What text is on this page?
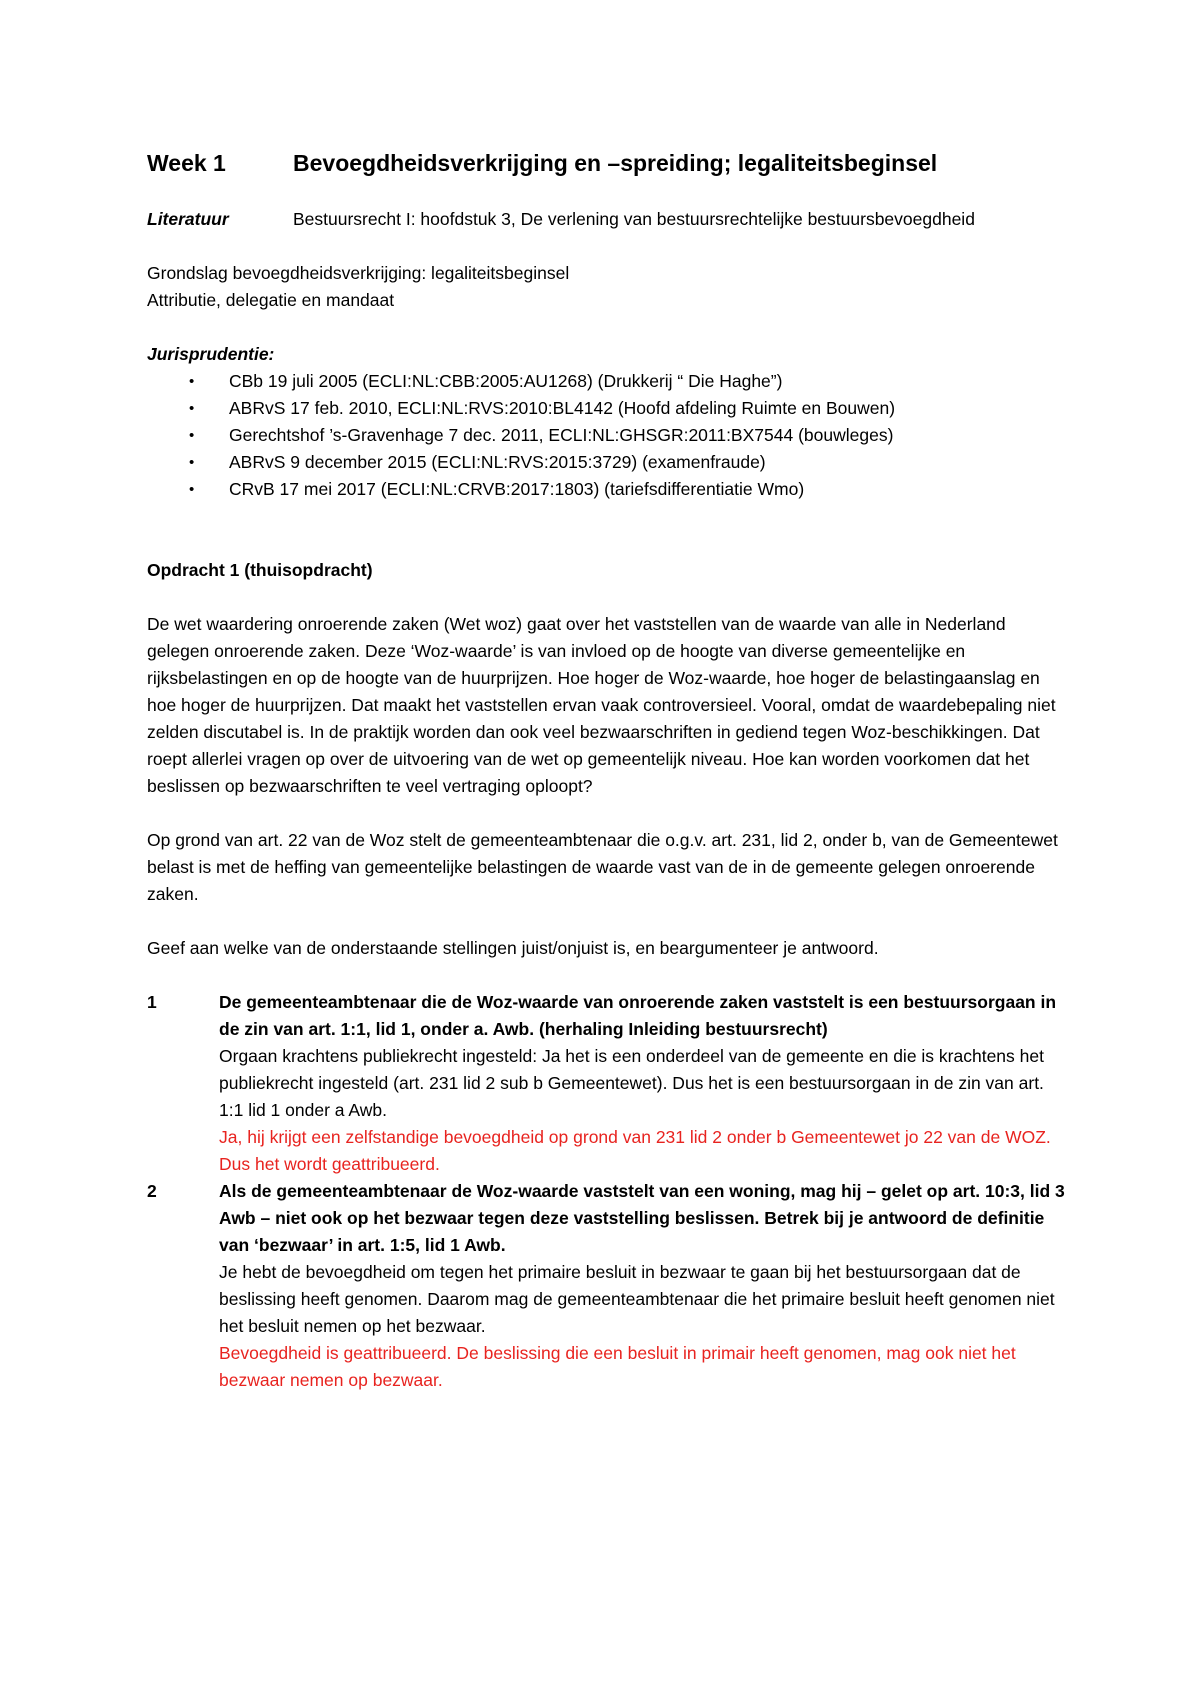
Week 1	Bevoegdheidsverkrijging en –spreiding; legaliteitsbeginsel
Literatuur	Bestuursrecht I: hoofdstuk 3, De verlening van bestuursrechtelijke bestuursbevoegdheid
Grondslag bevoegdheidsverkrijging: legaliteitsbeginsel
Attributie, delegatie en mandaat
Jurisprudentie:
•	CBb 19 juli 2005 (ECLI:NL:CBB:2005:AU1268) (Drukkerij “ Die Haghe”)
•	ABRvS 17 feb. 2010, ECLI:NL:RVS:2010:BL4142 (Hoofd afdeling Ruimte en Bouwen)
•	Gerechtshof ’s-Gravenhage 7 dec. 2011, ECLI:NL:GHSGR:2011:BX7544 (bouwleges)
•	ABRvS 9 december 2015 (ECLI:NL:RVS:2015:3729) (examenfraude)
•	CRvB 17 mei 2017 (ECLI:NL:CRVB:2017:1803) (tariefsdifferentiatie Wmo)
Opdracht 1 (thuisopdracht)

De wet waardering onroerende zaken (Wet woz) gaat over het vaststellen van de waarde van alle in Nederland gelegen onroerende zaken. Deze ‘Woz-waarde’ is van invloed op de hoogte van diverse gemeentelijke en rijksbelastingen en op de hoogte van de huurprijzen. Hoe hoger de Woz-waarde, hoe hoger de belastingaanslag en hoe hoger de huurprijzen. Dat maakt het vaststellen ervan vaak controversieel. Vooral, omdat de waardebepaling niet zelden discutabel is. In de praktijk worden dan ook veel bezwaarschriften in gediend tegen Woz-beschikkingen. Dat roept allerlei vragen op over de uitvoering van de wet op gemeentelijk niveau. Hoe kan worden voorkomen dat het beslissen op bezwaarschriften te veel vertraging oploopt?

Op grond van art. 22 van de Woz stelt de gemeenteambtenaar die o.g.v. art. 231, lid 2, onder b, van de Gemeentewet belast is met de heffing van gemeentelijke belastingen de waarde vast van de in de gemeente gelegen onroerende zaken.

Geef aan welke van de onderstaande stellingen juist/onjuist is, en beargumenteer je antwoord.

1	De gemeenteambtenaar die de Woz-waarde van onroerende zaken vaststelt is een bestuursorgaan in de zin van art. 1:1, lid 1, onder a. Awb. (herhaling Inleiding bestuursrecht)
Orgaan krachtens publiekrecht ingesteld: Ja het is een onderdeel van de gemeente en die is krachtens het publiekrecht ingesteld (art. 231 lid 2 sub b Gemeentewet). Dus het is een bestuursorgaan in de zin van art. 1:1 lid 1 onder a Awb.
Ja, hij krijgt een zelfstandige bevoegdheid op grond van 231 lid 2 onder b Gemeentewet jo 22 van de WOZ. Dus het wordt geattribueerd.
2	Als de gemeenteambtenaar de Woz-waarde vaststelt van een woning, mag hij – gelet op art. 10:3, lid 3 Awb – niet ook op het bezwaar tegen deze vaststelling beslissen. Betrek bij je antwoord de definitie van ‘bezwaar’ in art. 1:5, lid 1 Awb.
Je hebt de bevoegdheid om tegen het primaire besluit in bezwaar te gaan bij het bestuursorgaan dat de beslissing heeft genomen. Daarom mag de gemeenteambtenaar die het primaire besluit heeft genomen niet het besluit nemen op het bezwaar.
Bevoegdheid is geattribueerd. De beslissing die een besluit in primair heeft genomen, mag ook niet het bezwaar nemen op bezwaar.
